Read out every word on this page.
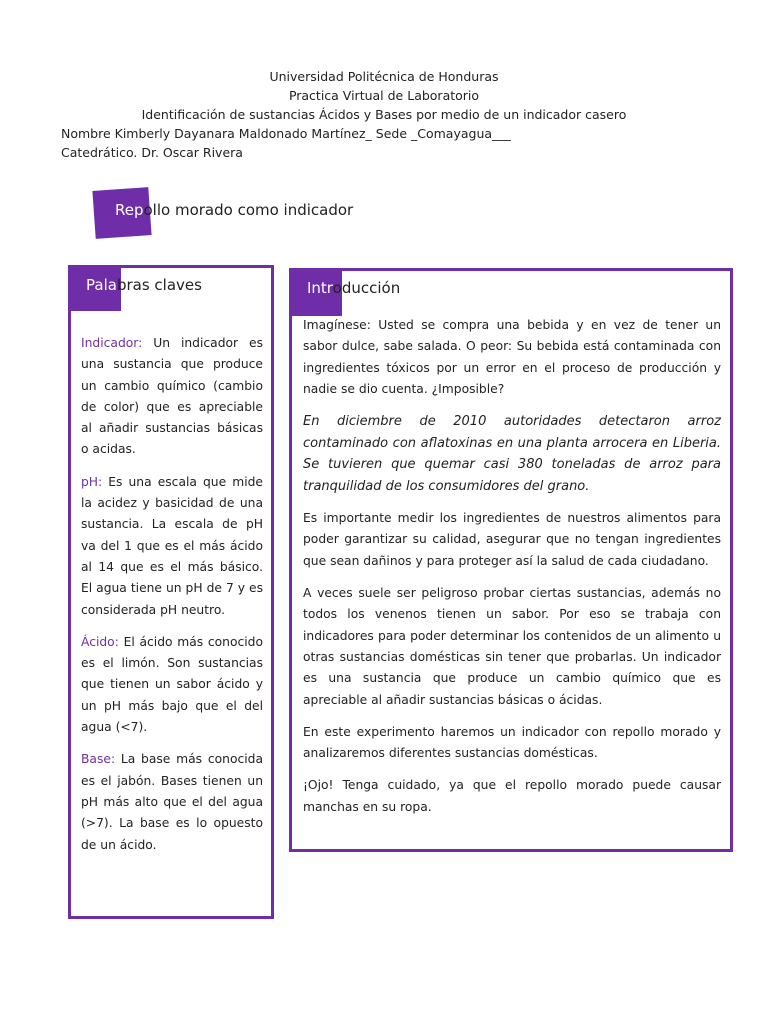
Universidad Politécnica de Honduras
Practica Virtual de Laboratorio
Identificación de sustancias Ácidos y Bases por medio de un indicador casero
Nombre Kimberly Dayanara Maldonado Martínez_ Sede _Comayagua___
Catedrático. Dr. Oscar Rivera
Repollo morado como indicador
Palabras claves

Indicador: Un indicador es una sustancia que produce un cambio químico (cambio de color) que es apreciable al añadir sustancias básicas o acidas.

pH: Es una escala que mide la acidez y basicidad de una sustancia. La escala de pH va del 1 que es el más ácido al 14 que es el más básico. El agua tiene un pH de 7 y es considerada pH neutro.

Ácido: El ácido más conocido es el limón. Son sustancias que tienen un sabor ácido y un pH más bajo que el del agua (<7).

Base: La base más conocida es el jabón. Bases tienen un pH más alto que el del agua (>7). La base es lo opuesto de un ácido.

Introducción

Imagínese: Usted se compra una bebida y en vez de tener un sabor dulce, sabe salada. O peor: Su bebida está contaminada con ingredientes tóxicos por un error en el proceso de producción y nadie se dio cuenta. ¿Imposible?

En diciembre de 2010 autoridades detectaron arroz contaminado con aflatoxinas en una planta arrocera en Liberia. Se tuvieren que quemar casi 380 toneladas de arroz para tranquilidad de los consumidores del grano.

Es importante medir los ingredientes de nuestros alimentos para poder garantizar su calidad, asegurar que no tengan ingredientes que sean dañinos y para proteger así la salud de cada ciudadano.

A veces suele ser peligroso probar ciertas sustancias, además no todos los venenos tienen un sabor. Por eso se trabaja con indicadores para poder determinar los contenidos de un alimento u otras sustancias domésticas sin tener que probarlas. Un indicador es una sustancia que produce un cambio químico que es apreciable al añadir sustancias básicas o ácidas.

En este experimento haremos un indicador con repollo morado y analizaremos diferentes sustancias domésticas.

¡Ojo! Tenga cuidado, ya que el repollo morado puede causar manchas en su ropa.
